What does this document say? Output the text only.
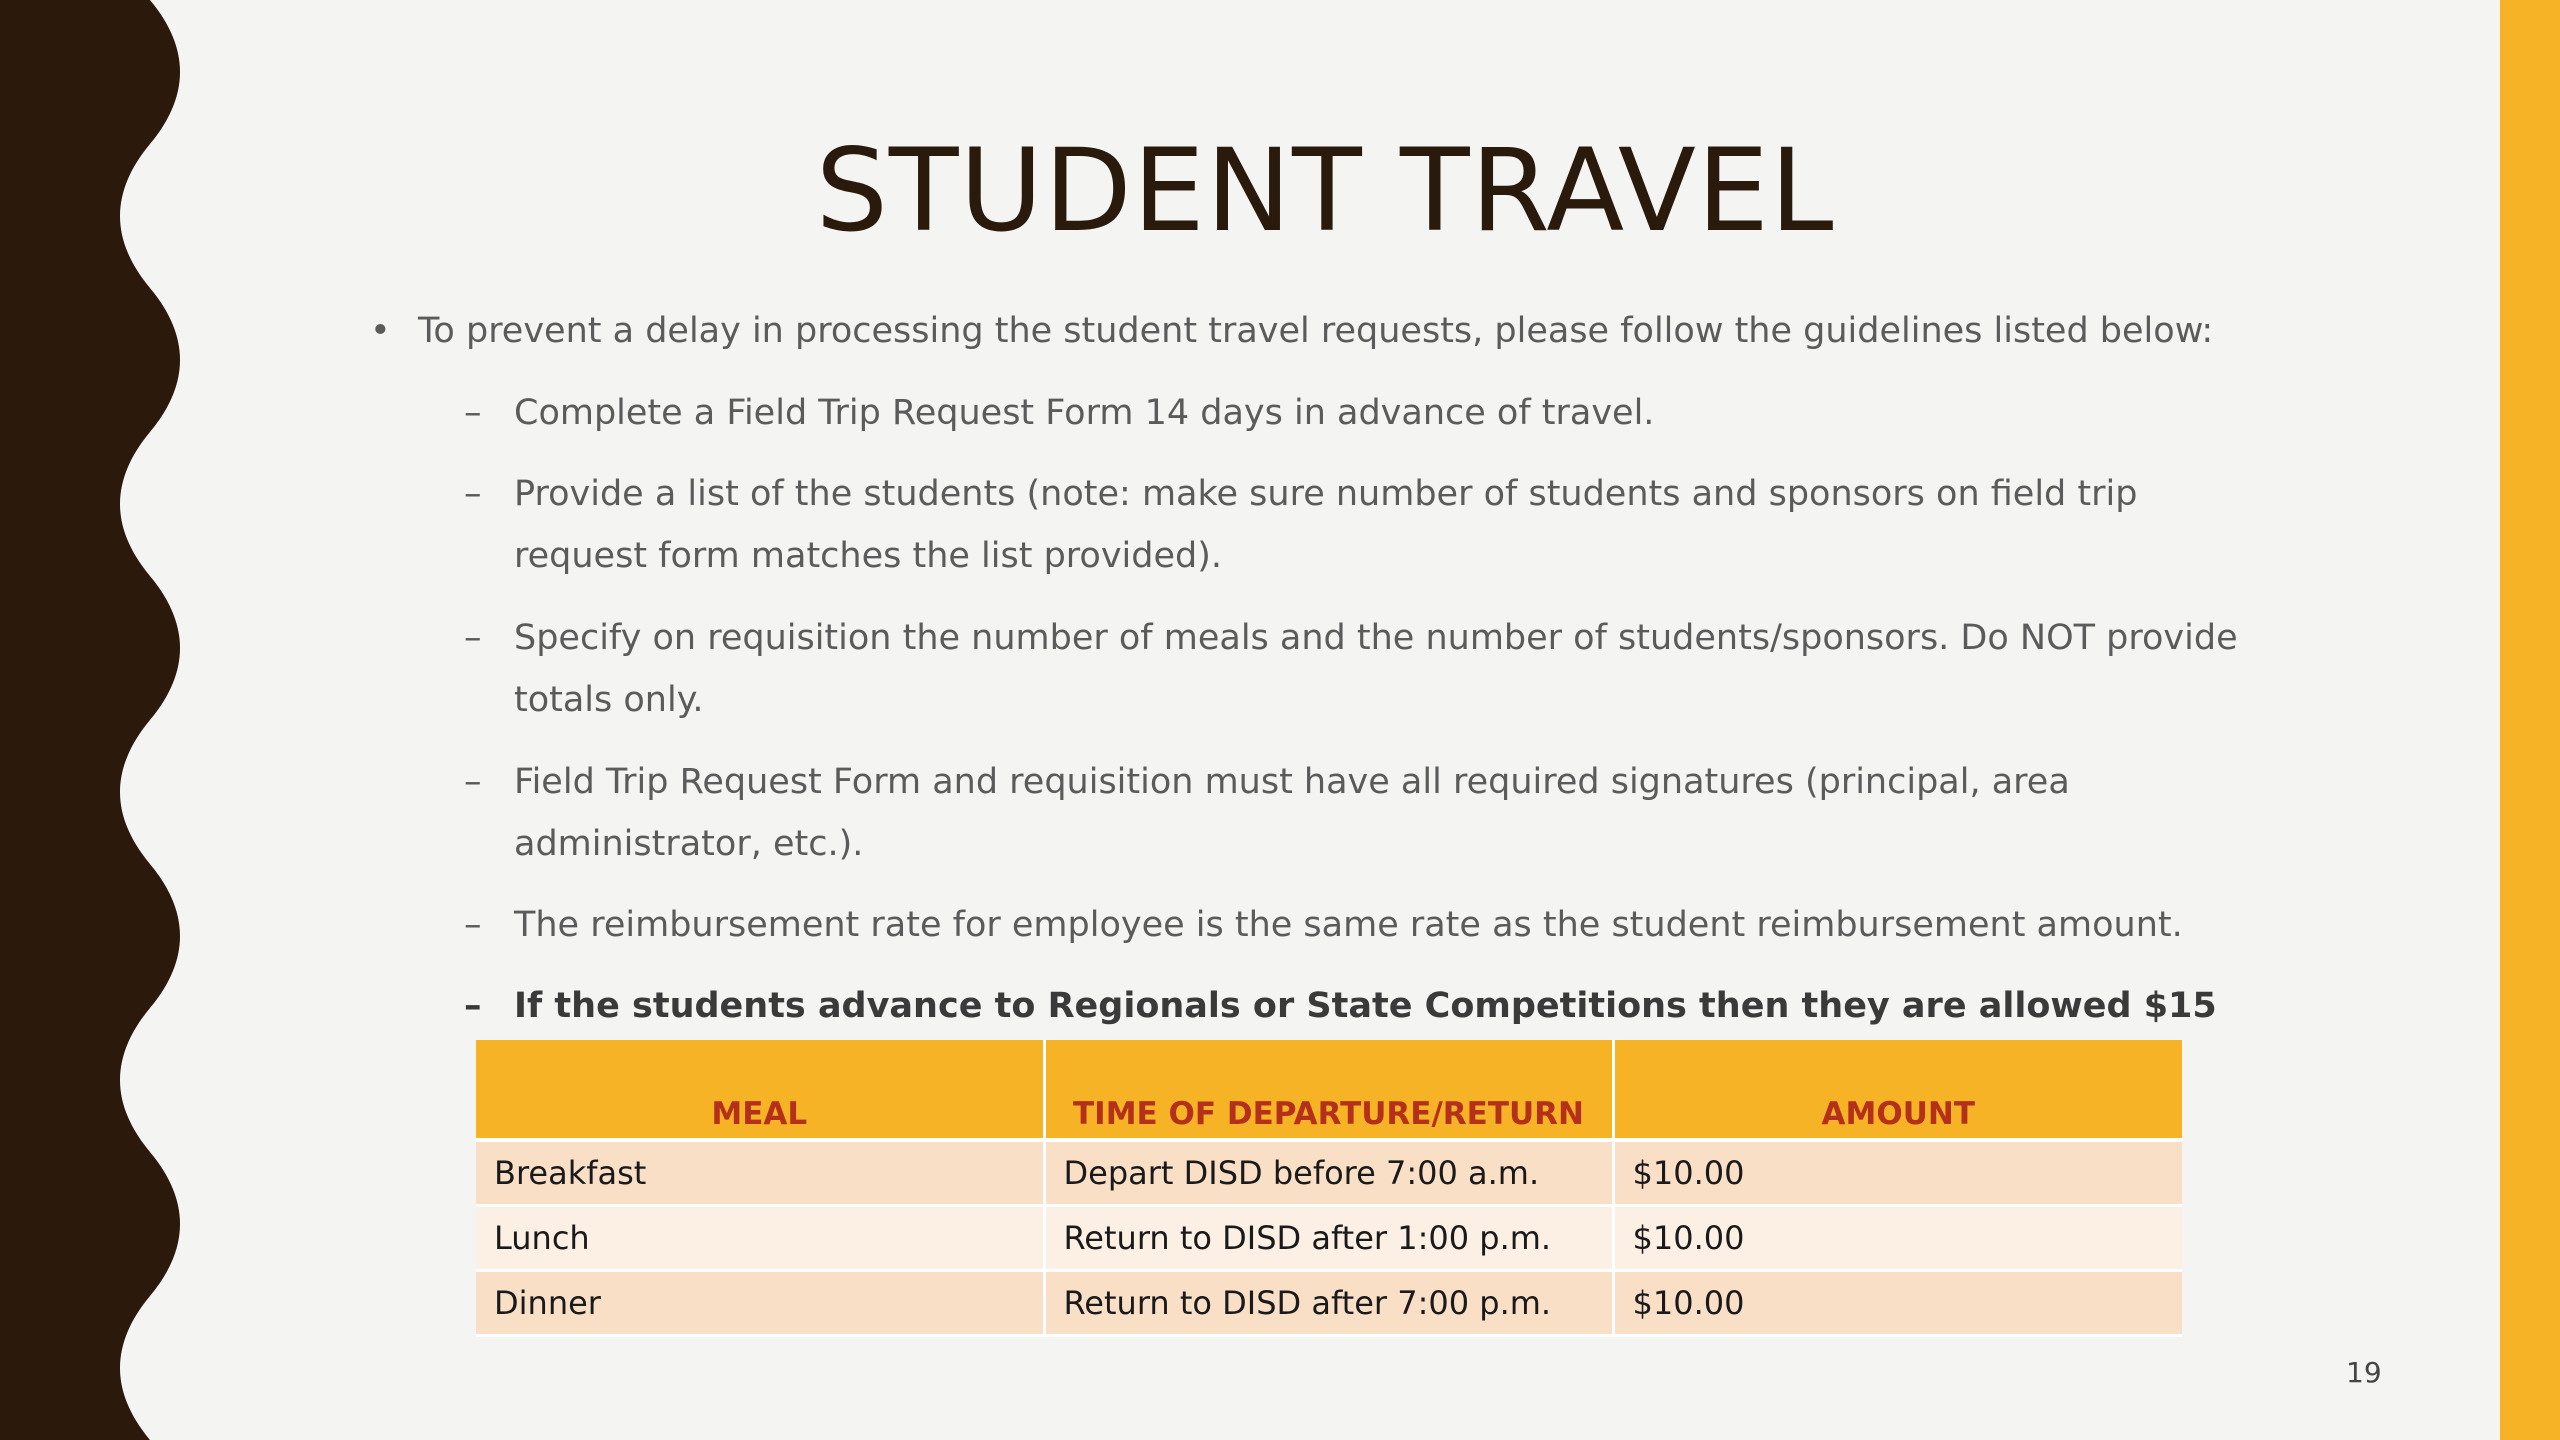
STUDENT TRAVEL
• To prevent a delay in processing the student travel requests, please follow the guidelines listed below:
– Complete a Field Trip Request Form 14 days in advance of travel.
– Provide a list of the students (note: make sure number of students and sponsors on field trip request form matches the list provided).
– Specify on requisition the number of meals and the number of students/sponsors. Do NOT provide totals only.
– Field Trip Request Form and requisition must have all required signatures (principal, area administrator, etc.).
– The reimbursement rate for employee is the same rate as the student reimbursement amount.
– If the students advance to Regionals or State Competitions then they are allowed $15
MEAL	TIME OF DEPARTURE/RETURN	AMOUNT
Breakfast	Depart DISD before 7:00 a.m.	$10.00
Lunch	Return to DISD after 1:00 p.m.	$10.00
Dinner	Return to DISD after 7:00 p.m.	$10.00
19
